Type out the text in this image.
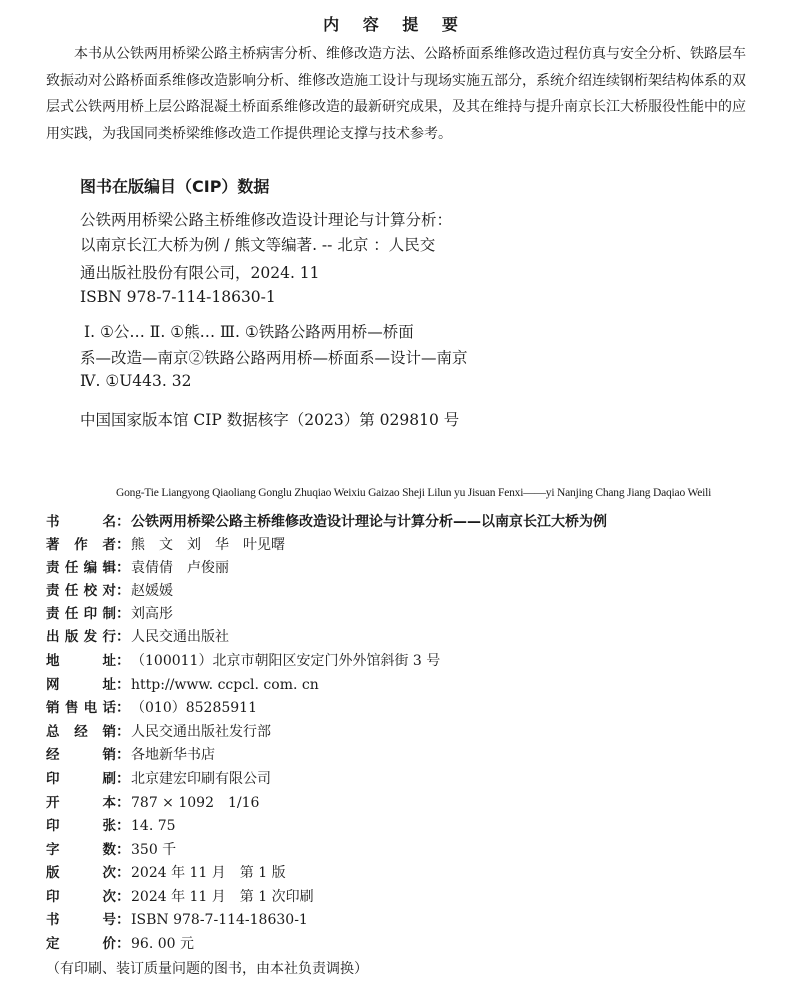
内 容 提 要
本书从公铁两用桥梁公路主桥病害分析、维修改造方法、公路桥面系维修改造过程仿真与安全分析、铁路层车致振动对公路桥面系维修改造影响分析、维修改造施工设计与现场实施五部分，系统介绍连续钢桁架结构体系的双层式公铁两用桥上层公路混凝土桥面系维修改造的最新研究成果，及其在维持与提升南京长江大桥服役性能中的应用实践，为我国同类桥梁维修改造工作提供理论支撑与技术参考。
图书在版编目（CIP）数据
公铁两用桥梁公路主桥维修改造设计理论与计算分析：
以南京长江大桥为例 / 熊文等编著. -- 北京 ：人民交
通出版社股份有限公司，2024. 11
ISBN 978-7-114-18630-1
Ⅰ. ①公… Ⅱ. ①熊… Ⅲ. ①铁路公路两用桥—桥面
系—改造—南京②铁路公路两用桥—桥面系—设计—南京
Ⅳ. ①U443. 32
中国国家版本馆 CIP 数据核字（2023）第 029810 号
Gong-Tie Liangyong Qiaoliang Gonglu Zhuqiao Weixiu Gaizao Sheji Lilun yu Jisuan Fenxi——yi Nanjing Chang Jiang Daqiao Weili
书　名 ： 公铁两用桥梁公路主桥维修改造设计理论与计算分析——以南京长江大桥为例
著作者 ： 熊　文　刘　华　叶见曙
责任编辑 ： 袁倩倩　卢俊丽
责任校对 ： 赵媛媛
责任印制 ： 刘高彤
出版发行 ： 人民交通出版社
地　址 ： （100011）北京市朝阳区安定门外外馆斜街 3 号
网　址 ： http://www. ccpcl. com. cn
销售电话 ： （010）85285911
总经销 ： 人民交通出版社发行部
经　销 ： 各地新华书店
印　刷 ： 北京建宏印刷有限公司
开　本 ： 787 × 1092　1/16
印　张 ： 14. 75
字　数 ： 350 千
版　次 ： 2024 年 11 月　第 1 版
印　次 ： 2024 年 11 月　第 1 次印刷
书　号 ： ISBN 978-7-114-18630-1
定　价 ： 96. 00 元
（有印刷、装订质量问题的图书，由本社负责调换）
